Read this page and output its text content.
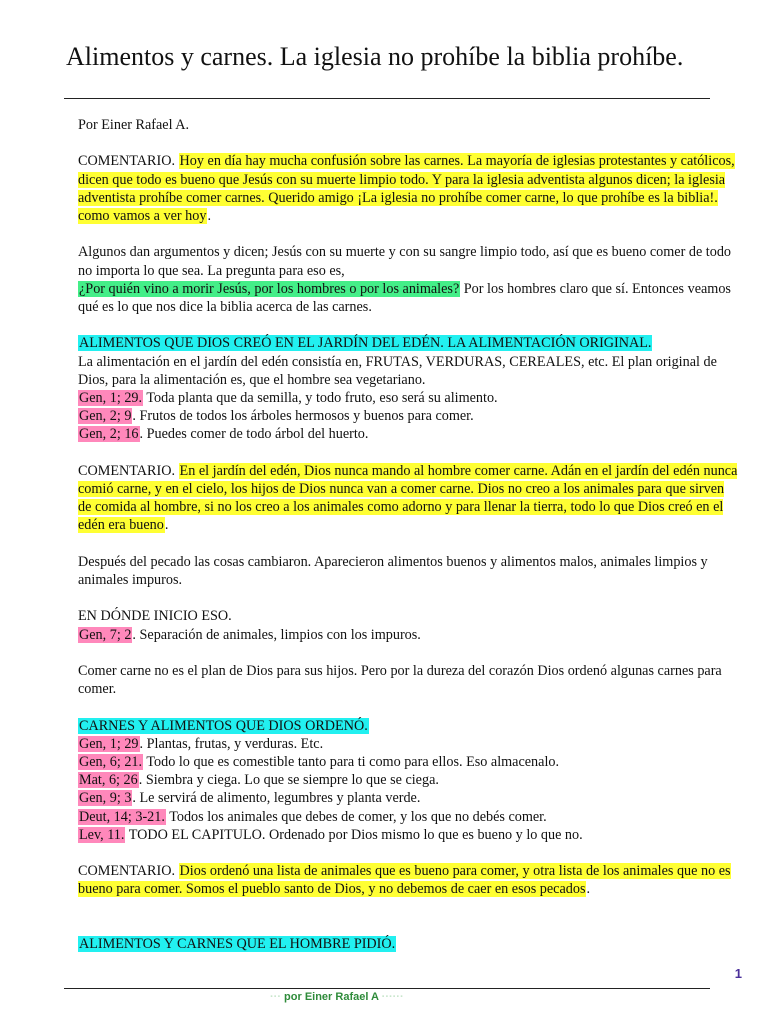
Alimentos y carnes. La iglesia no prohíbe la biblia prohíbe.

Por Einer Rafael A.

COMENTARIO. Hoy en día hay mucha confusión sobre las carnes. La mayoría de iglesias protestantes y católicos, dicen que todo es bueno que Jesús con su muerte limpio todo. Y para la iglesia adventista algunos dicen; la iglesia adventista prohíbe comer carnes. Querido amigo ¡La iglesia no prohíbe comer carne, lo que prohíbe es la biblia!. como vamos a ver hoy.

Algunos dan argumentos y dicen; Jesús con su muerte y con su sangre limpio todo, así que es bueno comer de todo no importa lo que sea. La pregunta para eso es,
¿Por quién vino a morir Jesús, por los hombres o por los animales? Por los hombres claro que sí. Entonces veamos qué es lo que nos dice la biblia acerca de las carnes.

ALIMENTOS QUE DIOS CREÓ EN EL JARDÍN DEL EDÉN. LA ALIMENTACIÓN ORIGINAL.

La alimentación en el jardín del edén consistía en, FRUTAS, VERDURAS, CEREALES, etc. El plan original de Dios, para la alimentación es, que el hombre sea vegetariano.

Gen, 1; 29. Toda planta que da semilla, y todo fruto, eso será su alimento.

Gen, 2; 9. Frutos de todos los árboles hermosos y buenos para comer.

Gen, 2; 16. Puedes comer de todo árbol del huerto.

COMENTARIO. En el jardín del edén, Dios nunca mando al hombre comer carne. Adán en el jardín del edén nunca comió carne, y en el cielo, los hijos de Dios nunca van a comer carne. Dios no creo a los animales para que sirven de comida al hombre, si no los creo a los animales como adorno y para llenar la tierra, todo lo que Dios creó en el edén era bueno.

Después del pecado las cosas cambiaron. Aparecieron alimentos buenos y alimentos malos, animales limpios y animales impuros.

EN DÓNDE INICIO ESO.

Gen, 7; 2. Separación de animales, limpios con los impuros.

Comer carne no es el plan de Dios para sus hijos. Pero por la dureza del corazón Dios ordenó algunas carnes para comer.

CARNES Y ALIMENTOS QUE DIOS ORDENÓ.

Gen, 1; 29. Plantas, frutas, y verduras. Etc.

Gen, 6; 21. Todo lo que es comestible tanto para ti como para ellos. Eso almacenalo.

Mat, 6; 26. Siembra y ciega. Lo que se siempre lo que se ciega.

Gen, 9; 3. Le servirá de alimento, legumbres y planta verde.

Deut, 14; 3-21. Todos los animales que debes de comer, y los que no debés comer.

Lev, 11. TODO EL CAPITULO. Ordenado por Dios mismo lo que es bueno y lo que no.

COMENTARIO. Dios ordenó una lista de animales que es bueno para comer, y otra lista de los animales que no es bueno para comer. Somos el pueblo santo de Dios, y no debemos de caer en esos pecados.

ALIMENTOS Y CARNES QUE EL HOMBRE PIDIÓ.

1
··· por Einer Rafael A ······
